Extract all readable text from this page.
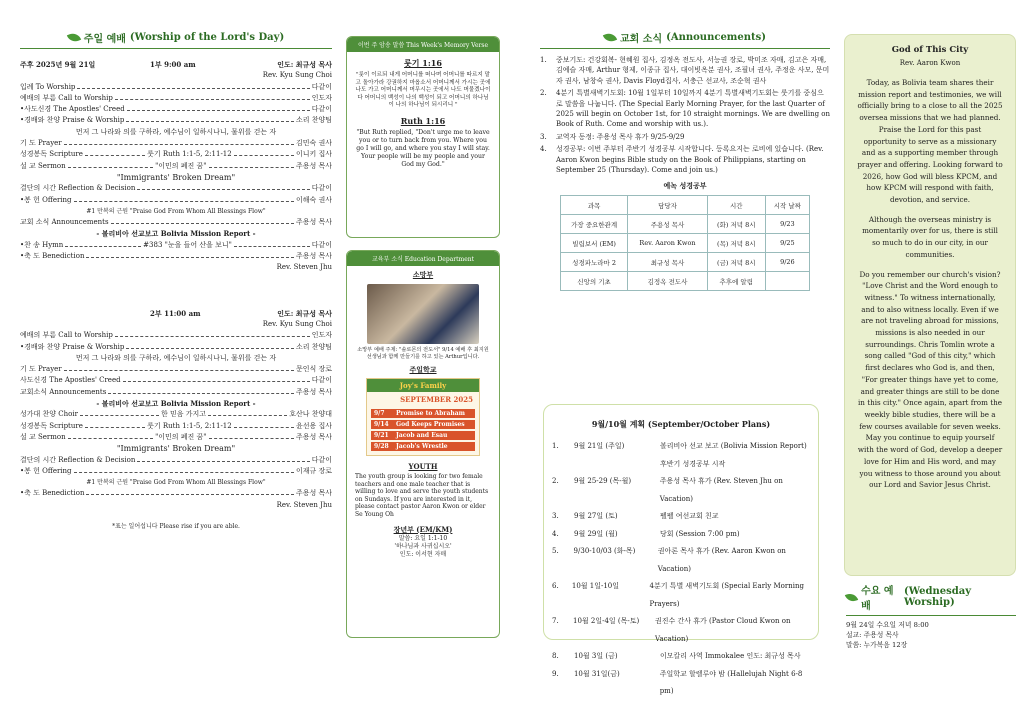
주일 예배 (Worship of the Lord's Day)
주후 2025년 9월 21일	1부 9:00 am	인도: 최규성 목사
Rev. Kyu Sung Choi
입례 To Worship	다같이
예배의 부름 Call to Worship	인도자
•사도신경 The Apostles' Creed	다같이
•경배와 찬양 Praise & Worship	소리 찬양팀
먼저 그 나라와 의를 구하라, 예수님이 일하시나니, 물위를 걷는 자
기 도 Prayer	김민숙 권사
성경봉독 Scripture	룻기 Ruth 1:1-5, 2:11-12	이니키 집사
설 교 Sermon	"이민의 폐진 꿈"	주용성 목사
"Immigrants' Broken Dream"
결단의 시간 Reflection & Decision	다같이
•봉 헌 Offering	이해숙 권사
#1 만복의 근원 "Praise God From Whom All Blessings Flow"
교회 소식 Announcements	주용성 목사
- 볼리비아 선교보고 Bolivia Mission Report -
•찬 송 Hymn	#383 "눈을 들어 산을 보니"	다같이
•축 도 Benediction	주용성 목사
Rev. Steven Jhu
2부 11:00 am	인도: 최규성 목사
Rev. Kyu Sung Choi
예배의 부름 Call to Worship	인도자
•경배와 찬양 Praise & Worship	소리 찬양팀
먼저 그 나라와 의를 구하라, 예수님이 일하시나니, 물위를 걷는 자
기 도 Prayer	문인식 장로
사도신경 The Apostles' Creed	다같이
교회소식 Announcements	주용성 목사
- 볼리비아 선교보고 Bolivia Mission Report -
성가대 찬양 Choir	한 믿음 가지고	호산나 찬양대
성경봉독 Scripture	룻기 Ruth 1:1-5, 2:11-12	윤선용 집사
설 교 Sermon	"이민의 폐진 꿈"	주용성 목사
"Immigrants' Broken Dream"
결단의 시간 Reflection & Decision	다같이
•봉 헌 Offering	이재규 장로
#1 만복의 근원 "Praise God From Whom All Blessings Flow"
•축 도 Benediction	주용성 목사
Rev. Steven Jhu
*표는 일어섭니다 Please rise if you are able.
이번 주 암송 말씀 This Week's Memory Verse
룻기 1:16
"룻이 이르되 내게 어머니를 떠나며 어머니를 따르지 말고 돌아가라 강권하지 마옵소서 어머니께서 가시는 곳에 나도 가고 어머니께서 머무시는 곳에서 나도 머물겠나이다 어머니의 백성이 나의 백성이 되고 어머니의 하나님이 나의 하나님이 되시리니 "
Ruth 1:16
"But Ruth replied, "Don't urge me to leave you or to turn back from you. Where you go I will go, and where you stay I will stay. Your people will be my people and your God my God."
교육부 소식 Education Department
소망부
소망부 예배 주제: "솔로몬의 전도서" 9/14 예배 후 최지원선생님과 함께 만들기를 하고 있는 Arthur입니다.
주일학교
Joy's Family
SEPTEMBER 2025
9/7	Promise to Abraham
9/14	God Keeps Promises
9/21	Jacob and Esau
9/28	Jacob's Wrestle
YOUTH
The youth group is looking for two female teachers and one male teacher that is willing to love and serve the youth students on Sundays. If you are interested in it, please contact pastor Aaron Kwon or elder Se Young Oh
장년부 (EM/KM)
말씀: 요일 1:1-10
'하나님과 사귀십시오'
인도: 이서현 자매
교회 소식 (Announcements)
1.	중보기도: 건강회복- 현혜원 집사, 김정옥 전도사, 서능권 장로, 박미조 자매, 김고은 자매, 김예슬 자매, Arthur 형제, 이종규 집사, 대이빗옥분 권사, 조필녀 권사, 주정운 사모, 문미자 권사, 남창숙 권사, Davis Floyd집사, 서충근 선교사, 조순혁 권사
2.	4분기 특별새벽기도회: 10월 1일부터 10일까지 4분기 특별새벽기도회는 룻기를 중심으로 말씀을 나눕니다. (The Special Early Morning Prayer, for the last Quarter of 2025 will begin on October 1st, for 10 straight mornings. We are dwelling on Book of Ruth. Come and worship with us.).
3.	교역자 동정: 주용성 목사 휴가 9/25-9/29
4.	성경공부: 이번 주부터 주반기 성경공부 시작합니다. 등록요지는 로비에 있습니다. (Rev. Aaron Kwon begins Bible study on the Book of Philippians, starting on September 25 (Thursday). Come and join us.)
예녹 성경공부
과목	담당자	시간	시작 날짜
가장 중요한관계	주용성 목사	(화) 저녁 8시	9/23
빌립보서 (EM)	Rev. Aaron Kwon	(목) 저녁 8시	9/25
성경파노라마 2	최규성 목사	(금) 저녁 8시	9/26
신앙의 기초	김정옥 전도사	추후에 알림	
9월/10월 계획 (September/October Plans)
1.	9월 21일 (주일)	볼리비아 선교 보고 (Bolivia Mission Report)
후반기 성경공부 시작
2.	9월 25-29 (목-월)	주용성 목사 휴가 (Rev. Steven Jhu on Vacation)
3.	9월 27일 (토)	펠펠 여선교회 친교
4.	9월 29일 (월)	당회 (Session 7:00 pm)
5.	9/30-10/03 (화-목)	권아론 목사 휴가 (Rev. Aaron Kwon on Vacation)
6.	10월 1일-10일	4분기 특별 새벽기도회 (Special Early Morning Prayers)
7.	10월 2일-4일 (목-토)	권진수 간사 휴가 (Pastor Cloud Kwon on Vacation)
8.	10월 3일 (금)	이모칼리 사역 Immokalee 인도: 최규성 목사
9.	10월 31일(금)	주일학교 할렐루야 밤 (Hallelujah Night 6-8 pm)
God of This City
Rev. Aaron Kwon
Today, as Bolivia team shares their mission report and testimonies, we will officially bring to a close to all the 2025 oversea missions that we had planned. Praise the Lord for this past opportunity to serve as a missionary and as a supporting member through prayer and offering. Looking forward to 2026, how God will bless KPCM, and how KPCM will respond with faith, devotion, and service.
Although the overseas ministry is momentarily over for us, there is still so much to do in our city, in our communities.
Do you remember our church's vision? "Love Christ and the Word enough to witness." To witness internationally, and to also witness locally. Even if we are not traveling abroad for missions, missions is also needed in our surroundings. Chris Tomlin wrote a song called "God of this city," which first declares who God is, and then, "For greater things have yet to come, and greater things are still to be done in this city." Once again, apart from the weekly bible studies, there will be a few courses available for seven weeks. May you continue to equip yourself with the word of God, develop a deeper love for Him and His word, and may you witness to those around you about our Lord and Savior Jesus Christ.
수요 예배
(Wednesday Worship)
9월 24일 수요일 저녁 8:00
설교: 주용성 목사
말씀: 누가복음 12장
